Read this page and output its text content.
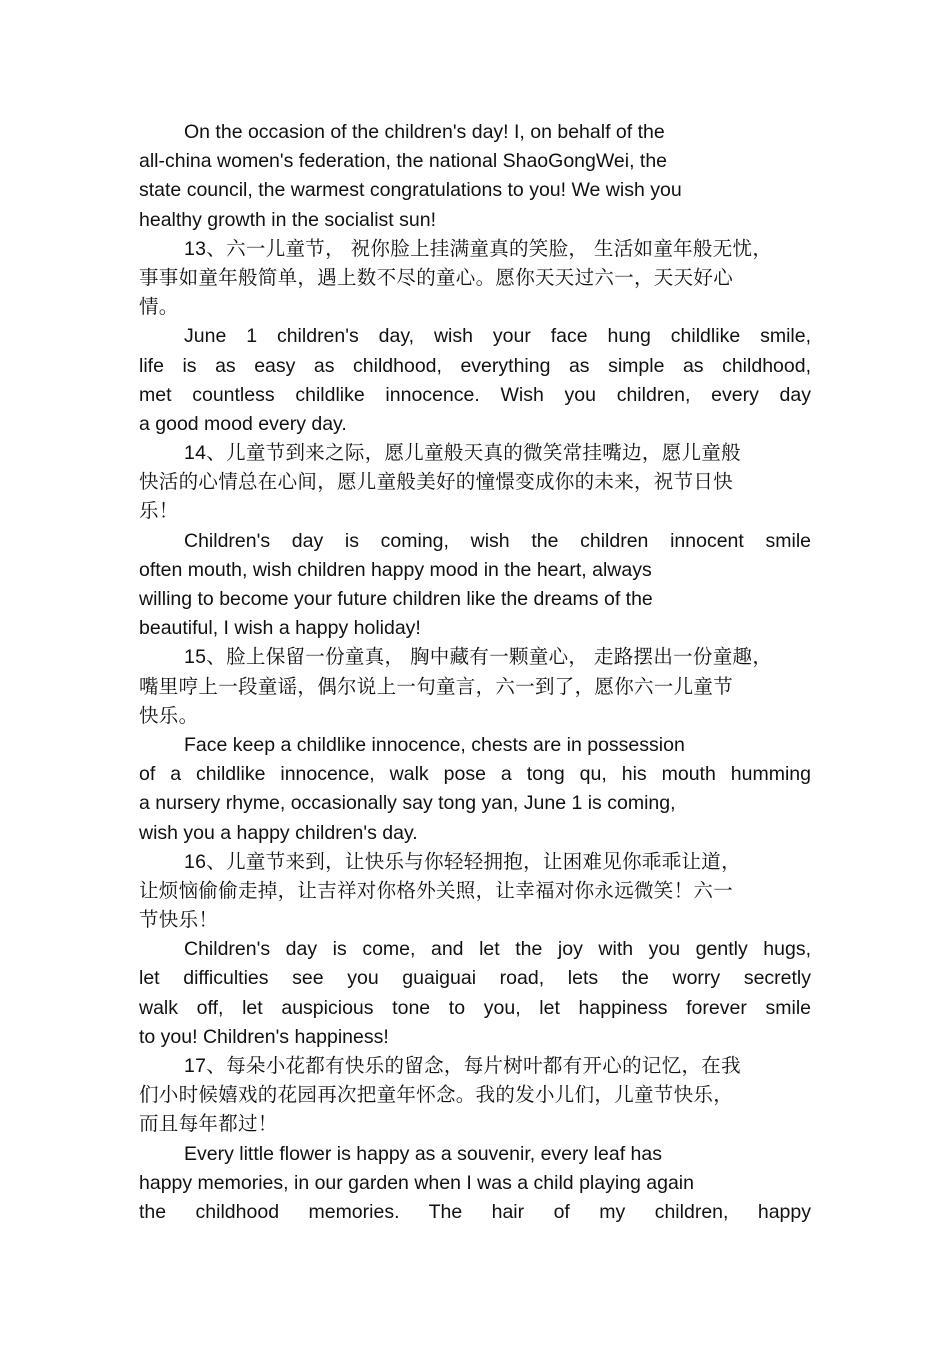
On the occasion of the children's day! I, on behalf of the
all-china women's federation, the national ShaoGongWei, the
state council, the warmest congratulations to you! We wish you
healthy growth in the socialist sun!
13、六一儿童节， 祝你脸上挂满童真的笑脸， 生活如童年般无忧，
事事如童年般简单，遇上数不尽的童心。愿你天天过六一，天天好心
情。
June 1 children's day, wish your face hung childlike smile,
life is as easy as childhood, everything as simple as childhood,
met countless childlike innocence. Wish you children, every day
a good mood every day.
14、儿童节到来之际，愿儿童般天真的微笑常挂嘴边，愿儿童般
快活的心情总在心间，愿儿童般美好的憧憬变成你的未来，祝节日快
乐！
Children's day is coming, wish the children innocent smile
often mouth, wish children happy mood in the heart, always
willing to become your future children like the dreams of the
beautiful, I wish a happy holiday!
15、脸上保留一份童真， 胸中藏有一颗童心， 走路摆出一份童趣，
嘴里哼上一段童谣，偶尔说上一句童言，六一到了，愿你六一儿童节
快乐。
Face keep a childlike innocence, chests are in possession
of a childlike innocence, walk pose a tong qu, his mouth humming
a nursery rhyme, occasionally say tong yan, June 1 is coming,
wish you a happy children's day.
16、儿童节来到，让快乐与你轻轻拥抱，让困难见你乖乖让道，
让烦恼偷偷走掉，让吉祥对你格外关照，让幸福对你永远微笑！六一
节快乐！
Children's day is come, and let the joy with you gently hugs,
let difficulties see you guaiguai road, lets the worry secretly
walk off, let auspicious tone to you, let happiness forever smile
to you! Children's happiness!
17、每朵小花都有快乐的留念，每片树叶都有开心的记忆，在我
们小时候嬉戏的花园再次把童年怀念。我的发小儿们，儿童节快乐，
而且每年都过！
Every little flower is happy as a souvenir, every leaf has
happy memories, in our garden when I was a child playing again
the childhood memories. The hair of my children, happy
